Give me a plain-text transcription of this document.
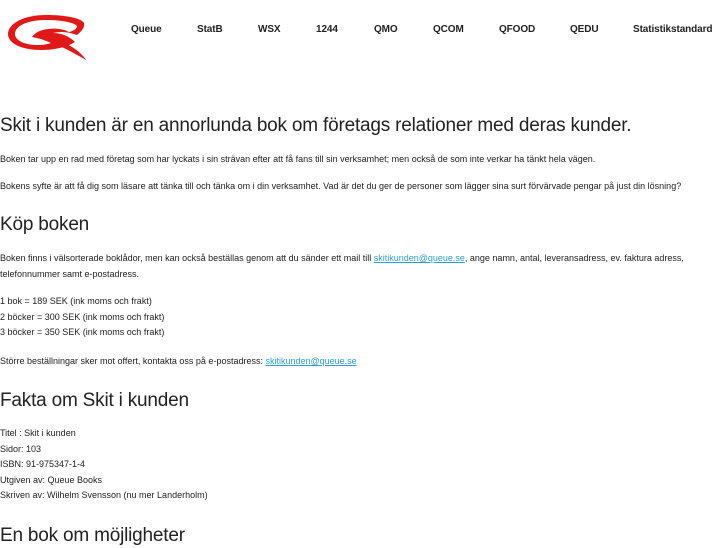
Queue	StatB	WSX	1244	QMO	QCOM	QFOOD	QEDU	Statistikstandard
Skit i kunden är en annorlunda bok om företags relationer med deras kunder.

Boken tar upp en rad med företag som har lyckats i sin strävan efter att få fans till sin verksamhet; men också de som inte verkar ha tänkt hela vägen.

Bokens syfte är att få dig som läsare att tänka till och tänka om i din verksamhet. Vad är det du ger de personer som lägger sina surt förvärvade pengar på just din lösning?

Köp boken

Boken finns i välsorterade boklådor, men kan också beställas genom att du sänder ett mail till skitikunden@queue.se, ange namn, antal, leveransadress, ev. faktura adress,
telefonnummer samt e-postadress.

1 bok = 189 SEK (ink moms och frakt)
2 böcker = 300 SEK (ink moms och frakt)
3 böcker = 350 SEK (ink moms och frakt)

Större beställningar sker mot offert, kontakta oss på e-postadress: skitikunden@queue.se

Fakta om Skit i kunden

Titel : Skit i kunden
Sidor: 103
ISBN: 91-975347-1-4
Utgiven av: Queue Books
Skriven av: Wilhelm Svensson (nu mer Landerholm)

En bok om möjligheter
